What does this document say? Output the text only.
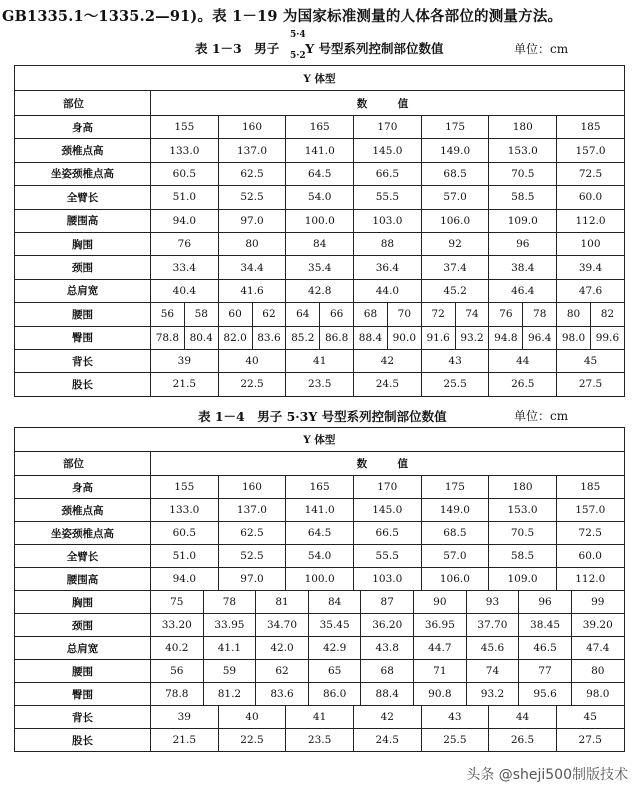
GB1335.1～1335.2—91)。表 1－19 为国家标准测量的人体各部位的测量方法。
表 1－3　男子 Y 号型系列控制部位数值
5·4
5·2	单位：cm
Y 体型														
部位	数　值													
身高	155		160		165		170		175		180		185	
颈椎点高	133.0		137.0		141.0		145.0		149.0		153.0		157.0	
坐姿颈椎点高	60.5		62.5		64.5		66.5		68.5		70.5		72.5	
全臂长	51.0		52.5		54.0		55.5		57.0		58.5		60.0	
腰围高	94.0		97.0		100.0		103.0		106.0		109.0		112.0	
胸围	76		80		84		88		92		96		100	
颈围	33.4		34.4		35.4		36.4		37.4		38.4		39.4	
总肩宽	40.4		41.6		42.8		44.0		45.2		46.4		47.6	
腰围	56	58	60	62	64	66	68	70	72	74	76	78	80	82
臀围	78.8	80.4	82.0	83.6	85.2	86.8	88.4	90.0	91.6	93.2	94.8	96.4	98.0	99.6
背长	39		40		41		42		43		44		45	
股长	21.5		22.5		23.5		24.5		25.5		26.5		27.5	
表 1－4　男子 5·3Y 号型系列控制部位数值	单位：cm
Y 体型															
部位	数　值														
身高	155		160		165		170			175		180		185	
颈椎点高	133.0		137.0		141.0		145.0			149.0		153.0		157.0	
坐姿颈椎点高	60.5		62.5		64.5		66.5			68.5		70.5		72.5	
全臂长	51.0		52.5		54.0		55.5			57.0		58.5		60.0	
腰围高	94.0		97.0		100.0		103.0			106.0		109.0		112.0	
胸围	75	78		81		84		87	90		93		96		99
颈围	33.20	33.95		34.70		35.45		36.20	36.95		37.70		38.45		39.20
总肩宽	40.2	41.1		42.0		42.9		43.8	44.7		45.6		46.5		47.4
腰围	56	59		62		65		68	71		74		77		80
臀围	78.8	81.2		83.6		86.0		88.4	90.8		93.2		95.6		98.0
背长	39		40		41		42			43		44		45	
股长	21.5		22.5		23.5		24.5			25.5		26.5		27.5	
头条 @sheji500制版技术
